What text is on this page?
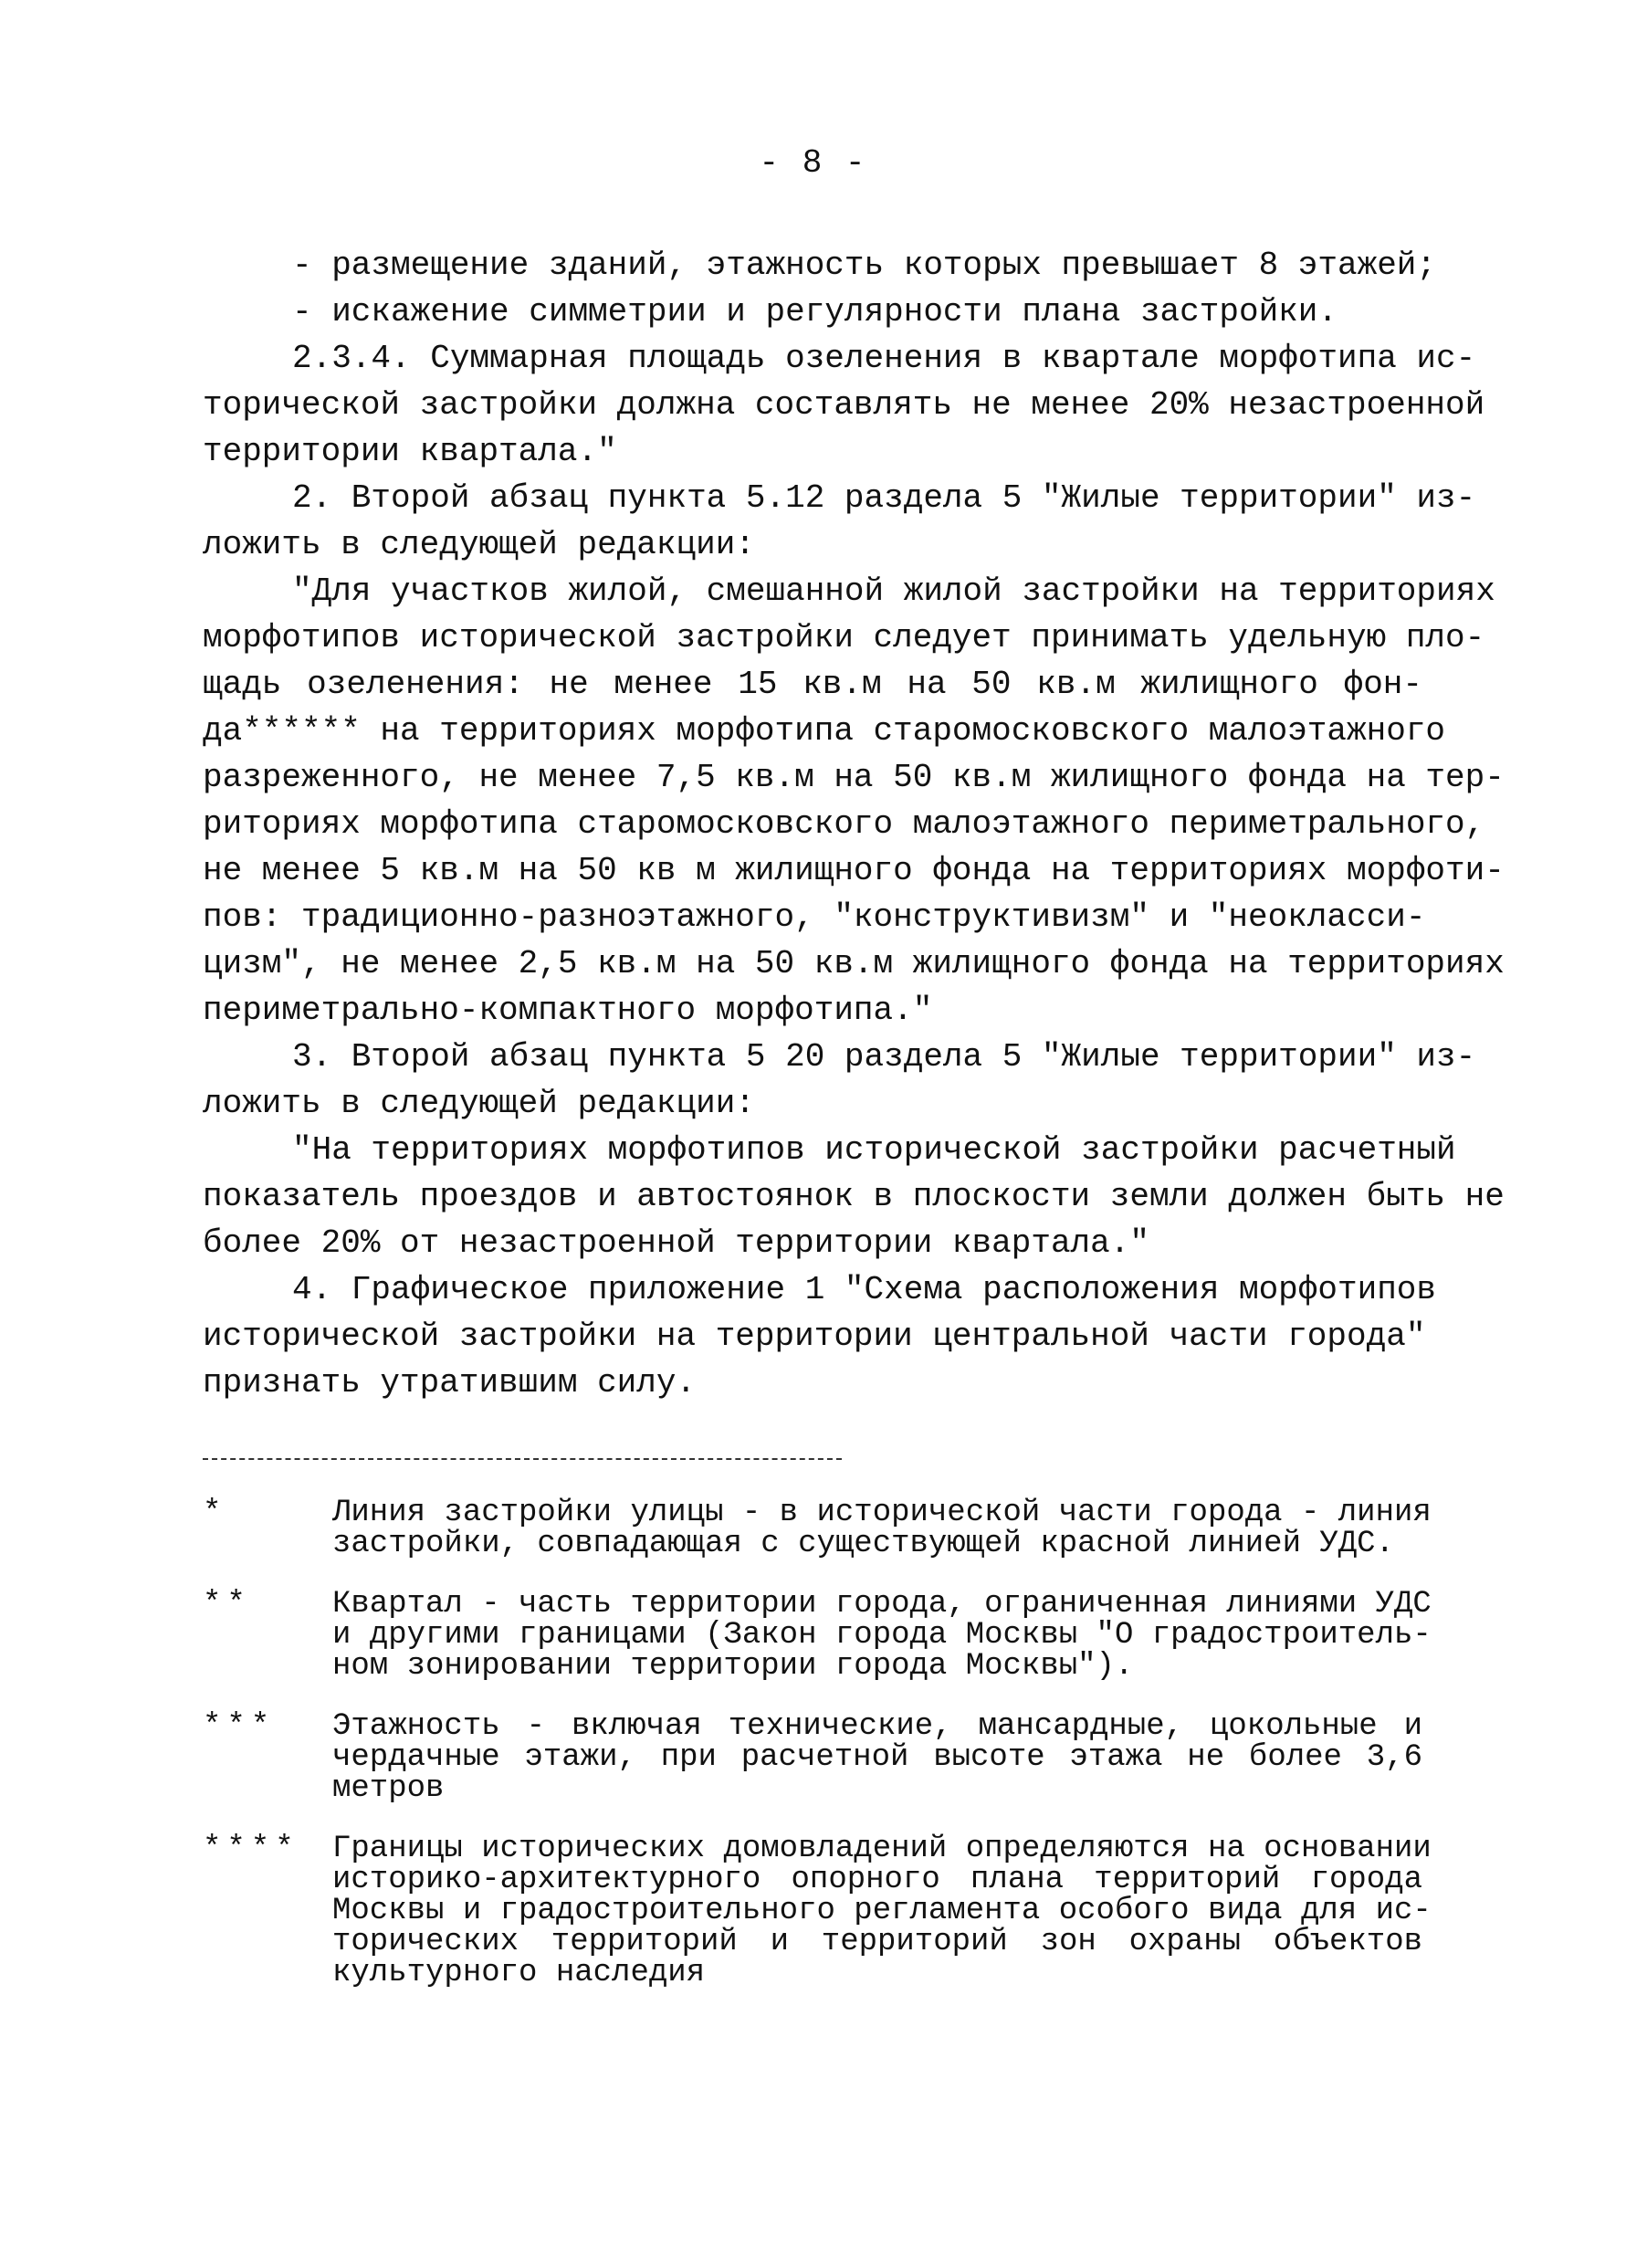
- 8 -
- размещение зданий, этажность которых превышает 8 этажей;
- искажение симметрии и регулярности плана застройки.
2.3.4. Суммарная площадь озеленения в квартале морфотипа ис-
торической застройки должна составлять не менее 20% незастроенной
территории квартала."
2. Второй абзац пункта 5.12 раздела 5 "Жилые территории" из-
ложить в следующей редакции:
"Для участков жилой, смешанной жилой застройки на территориях
морфотипов исторической застройки следует принимать удельную пло-
щадь озеленения: не менее 15 кв.м на 50 кв.м жилищного фон-
да****** на территориях морфотипа старомосковского малоэтажного
разреженного, не менее 7,5 кв.м на 50 кв.м жилищного фонда на тер-
риториях морфотипа старомосковского малоэтажного периметрального,
не менее 5 кв.м на 50 кв м жилищного фонда на территориях морфоти-
пов: традиционно-разноэтажного, "конструктивизм" и "неокласси-
цизм", не менее 2,5 кв.м на 50 кв.м жилищного фонда на территориях
периметрально-компактного морфотипа."
3. Второй абзац пункта 5 20 раздела 5 "Жилые территории" из-
ложить в следующей редакции:
"На территориях морфотипов исторической застройки расчетный
показатель проездов и автостоянок в плоскости земли должен быть не
более 20% от незастроенной территории квартала."
4. Графическое приложение 1 "Схема расположения морфотипов
исторической застройки на территории центральной части города"
признать утратившим силу.
*	Линия застройки улицы - в исторической части города - линия
застройки, совпадающая с существующей красной линией УДС.
**	Квартал - часть территории города, ограниченная линиями УДС
и другими границами (Закон города Москвы "О градостроитель-
ном зонировании территории города Москвы").
*** Этажность - включая технические, мансардные, цокольные и
чердачные этажи, при расчетной высоте этажа не более 3,6
метров
**** Границы исторических домовладений определяются на основании
историко-архитектурного опорного плана территорий города
Москвы и градостроительного регламента особого вида для ис-
торических территорий и территорий зон охраны объектов
культурного наследия
